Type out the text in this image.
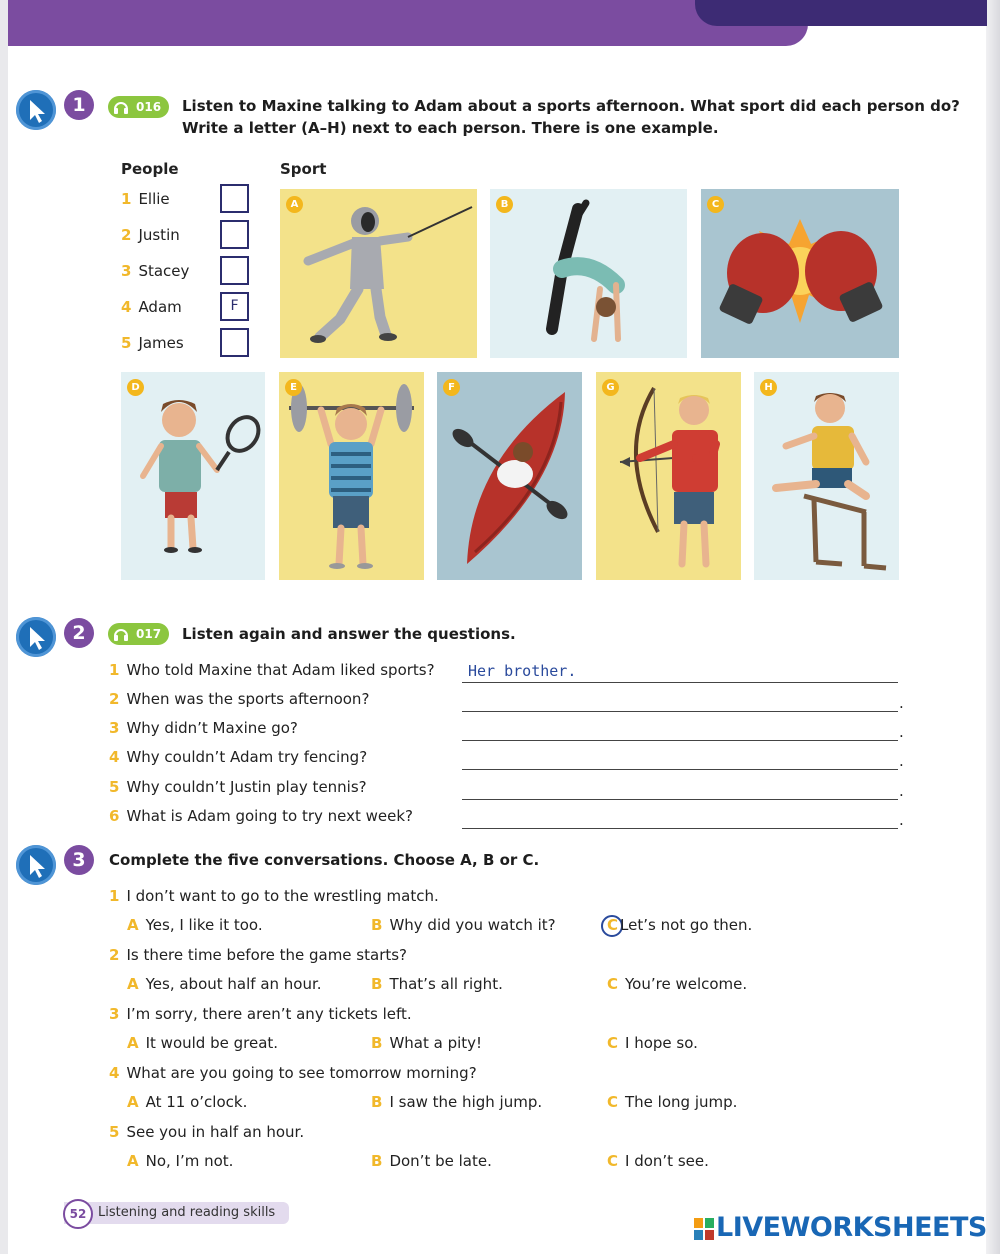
1	016	Listen to Maxine talking to Adam about a sports afternoon. What sport did each person do?
Write a letter (A–H) next to each person. There is one example.
People	Sport
1 Ellie
2 Justin
3 Stacey
4 Adam	F
5 James
A	B	C
D	E	F	G	H
2	017	Listen again and answer the questions.
1 Who told Maxine that Adam liked sports? Her brother.
2 When was the sports afternoon?	.
3 Why didn’t Maxine go?	.
4 Why couldn’t Adam try fencing?	.
5 Why couldn’t Justin play tennis?	.
6 What is Adam going to try next week?	.
3	Complete the five conversations. Choose A, B or C.
1 I don’t want to go to the wrestling match.
A Yes, I like it too.	B Why did you watch it?	C Let’s not go then.
2 Is there time before the game starts?
A Yes, about half an hour.	B That’s all right.	C You’re welcome.
3 I’m sorry, there aren’t any tickets left.
A It would be great.	B What a pity!	C I hope so.
4 What are you going to see tomorrow morning?
A At 11 o’clock.	B I saw the high jump.	C The long jump.
5 See you in half an hour.
A No, I’m not.	B Don’t be late.	C I don’t see.
Listening and reading skills
52	LIVEWORKSHEETS
